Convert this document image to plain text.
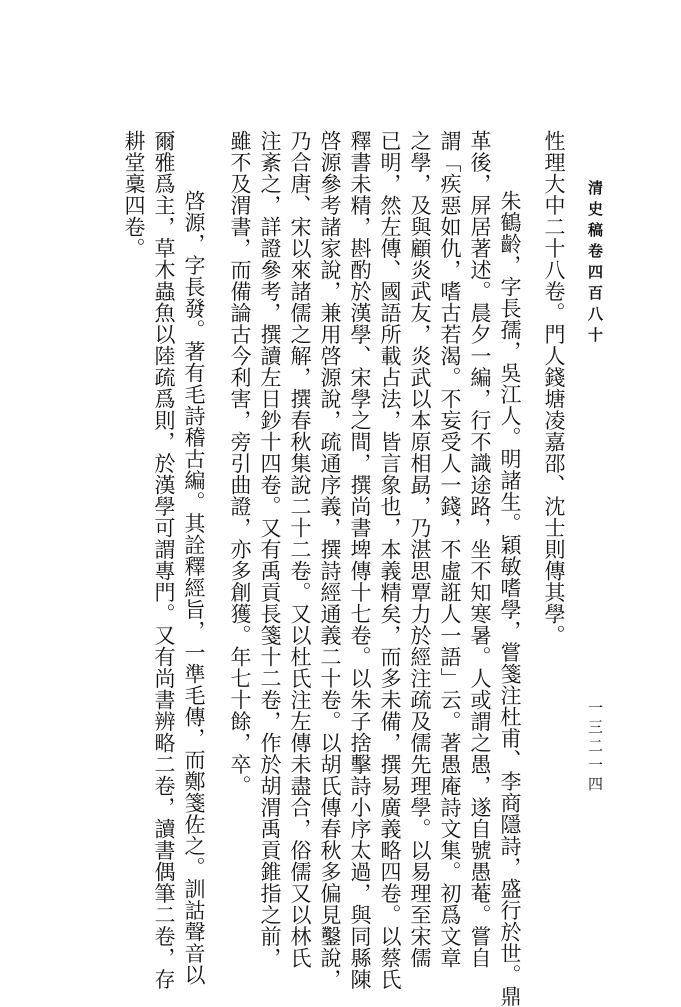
清史稿卷四百八十
一三二一四
性理大中二十八卷。門人錢塘凌嘉邵、沈士則傳其學。
朱鶴齡，字長孺，吳江人。明諸生。穎敏嗜學，嘗箋注杜甫、李商隱詩，盛行於世。鼎
革後，屏居著述。晨夕一編，行不識途路，坐不知寒暑。人或謂之愚，遂自號愚菴。嘗自
謂「疾惡如仇，嗜古若渴。不妄受人一錢，不虛誑人一語」云。著愚庵詩文集。初爲文章
之學，及與顧炎武友，炎武以本原相勗，乃湛思覃力於經注疏及儒先理學。以易理至宋儒
已明，然左傳、國語所載占法，皆言象也，本義精矣，而多未備，撰易廣義略四卷。以蔡氏
釋書未精，斟酌於漢學、宋學之間，撰尚書埤傳十七卷。以朱子捨擊詩小序太過，與同縣陳
啓源參考諸家說，兼用啓源說，疏通序義，撰詩經通義二十卷。以胡氏傳春秋多偏見鑿說，
乃合唐、宋以來諸儒之解，撰春秋集說二十二卷。又以杜氏注左傳未盡合，俗儒又以林氏
注紊之，詳證參考，撰讀左日鈔十四卷。又有禹貢長箋十二卷，作於胡渭禹貢錐指之前，
雖不及渭書，而備論古今利害，旁引曲證，亦多創獲。年七十餘，卒。
啓源，字長發。著有毛詩稽古編。其詮釋經旨，一準毛傳，而鄭箋佐之。訓詁聲音以
爾雅爲主，草木蟲魚以陸疏爲則，於漢學可謂專門。又有尚書辨略二卷，讀書偶筆二卷，存
耕堂稾四卷。
